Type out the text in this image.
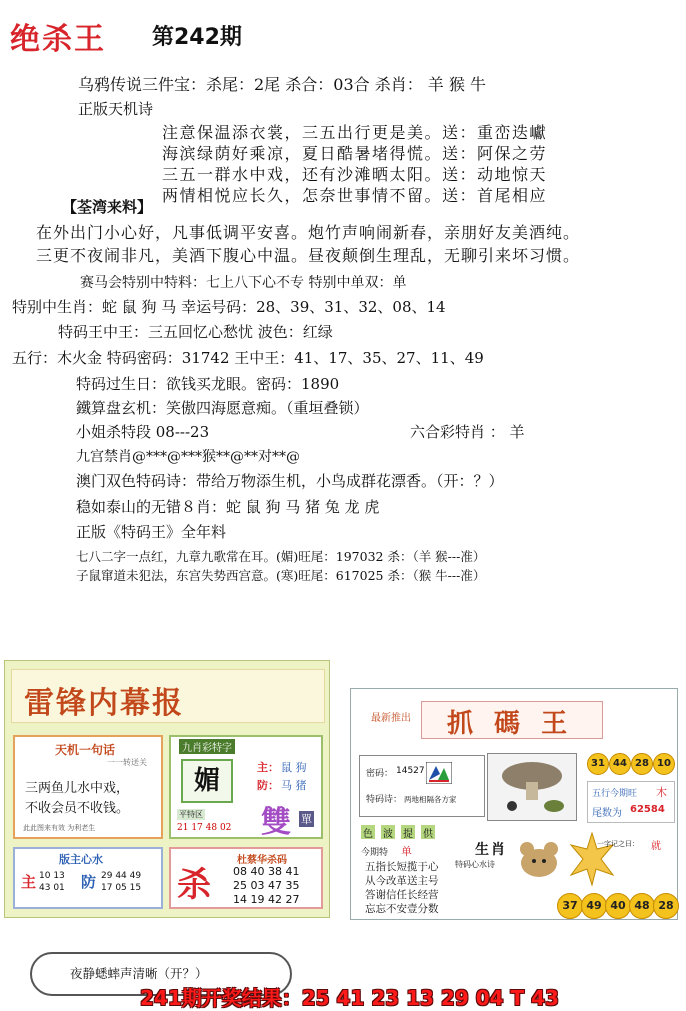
绝杀王 第242期
乌鸦传说三件宝：杀尾：2尾 杀合：03合 杀肖： 羊 猴 牛
正版天机诗
注意保温添衣裳，三五出行更是美。送：重峦迭巘
海滨绿荫好乘凉，夏日酷暑堵得慌。送：阿保之劳
三五一群水中戏，还有沙滩晒太阳。送：动地惊天
两情相悦应长久，怎奈世事情不留。送：首尾相应
【荃湾来料】
在外出门小心好，凡事低调平安喜。炮竹声响闹新春，亲朋好友美酒纯。
三更不夜闹非凡，美酒下腹心中温。昼夜颠倒生理乱，无聊引来坏习惯。
赛马会特别中特料：七上八下心不专 特别中单双：单
特别中生肖：蛇 鼠 狗 马 幸运号码：28、39、31、32、08、14
特码王中王：三五回忆心愁忧 波色：红绿
五行：木火金 特码密码：31742 王中王：41、17、35、27、11、49
特码过生日：欲钱买龙眼。密码：1890
鐵算盘玄机：笑傲四海愿意痴。（重垣叠锁）
小姐杀特段 08---23	六合彩特肖 ： 羊
九宫禁肖@***@***猴**@**对**@
澳门双色特码诗：带给万物添生机，小鸟成群花漂香。（开：？）
稳如泰山的无错８肖：蛇 鼠 狗 马 猪 兔 龙 虎
正版《特码王》全年料
七八二字一点红，九章九歌常在耳。(媚)旺尾：197032 杀：（羊 猴---准）
子鼠窜道未犯法，东宫失势西宫意。(寒)旺尾：617025 杀：（猴 牛---准）
雷锋内幕报
天机一句话
一一转送关
三两鱼儿水中戏，
不收会员不收钱。
此此图来有效 为利老生
九肖彩特字
媚	主： 鼠 狗
防： 马 猪
平特区
21 17 48 02 雙 單
版主心水
主 10 13
43 01 防 29 44 49
17 05 15 杀
杜蔡华杀码
08 40 38 41
25 03 47 35
14 19 42 27
最新推出 抓 碼 王
密码： 14527
特码诗： 两地相隔各方家
31 44 28 10
五行今期旺 木
尾数为 62584
色 波 提 供
今期特 单
五指长短揽于心
从今改革送主号
答谢信任长经营
忘忘不安壹分数
生 肖
特码心水诗
一字记之曰： 就
37 49 40 48 28
夜静蟋蟀声清晰（开？）
241期开奖结果：25 41 23 13 29 04 T 43
